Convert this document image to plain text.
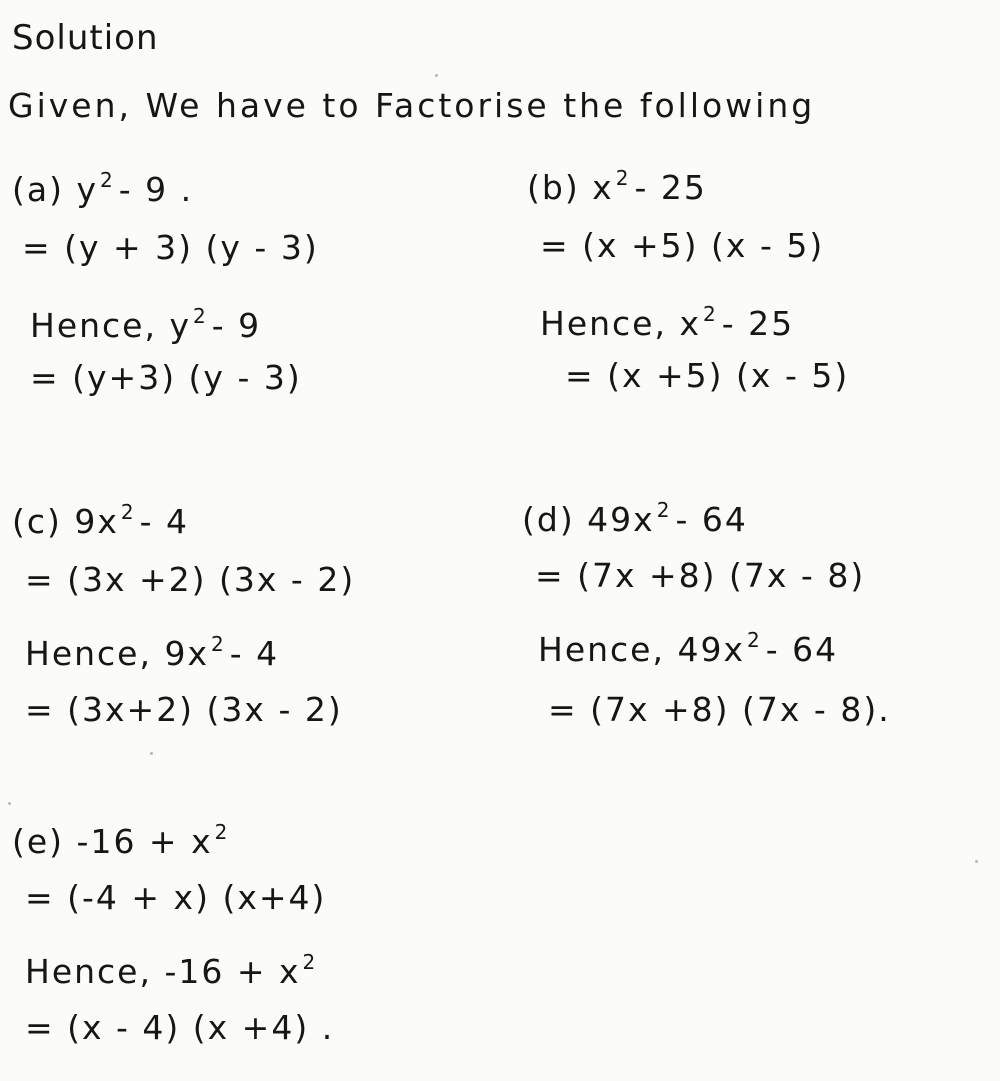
Solution
Given, We have to Factorise the following
(a) y $^2$ - 9 .
= (y + 3) (y - 3)
Hence, y $^2$ - 9
= (y+3) (y - 3)
(b) x $^2$ - 25
= (x +5) (x - 5)
Hence, x $^2$ - 25
= (x +5) (x - 5)
(c) 9x $^2$ - 4
= (3x +2) (3x - 2)
Hence, 9x $^2$ - 4
= (3x+2) (3x - 2)
(d) 49x $^2$ - 64
= (7x +8) (7x - 8)
Hence, 49x $^2$ - 64
= (7x +8) (7x - 8).
(e) -16 + x $^2$
= (-4 + x) (x+4)
Hence, -16 + x $^2$
= (x - 4) (x +4) .
